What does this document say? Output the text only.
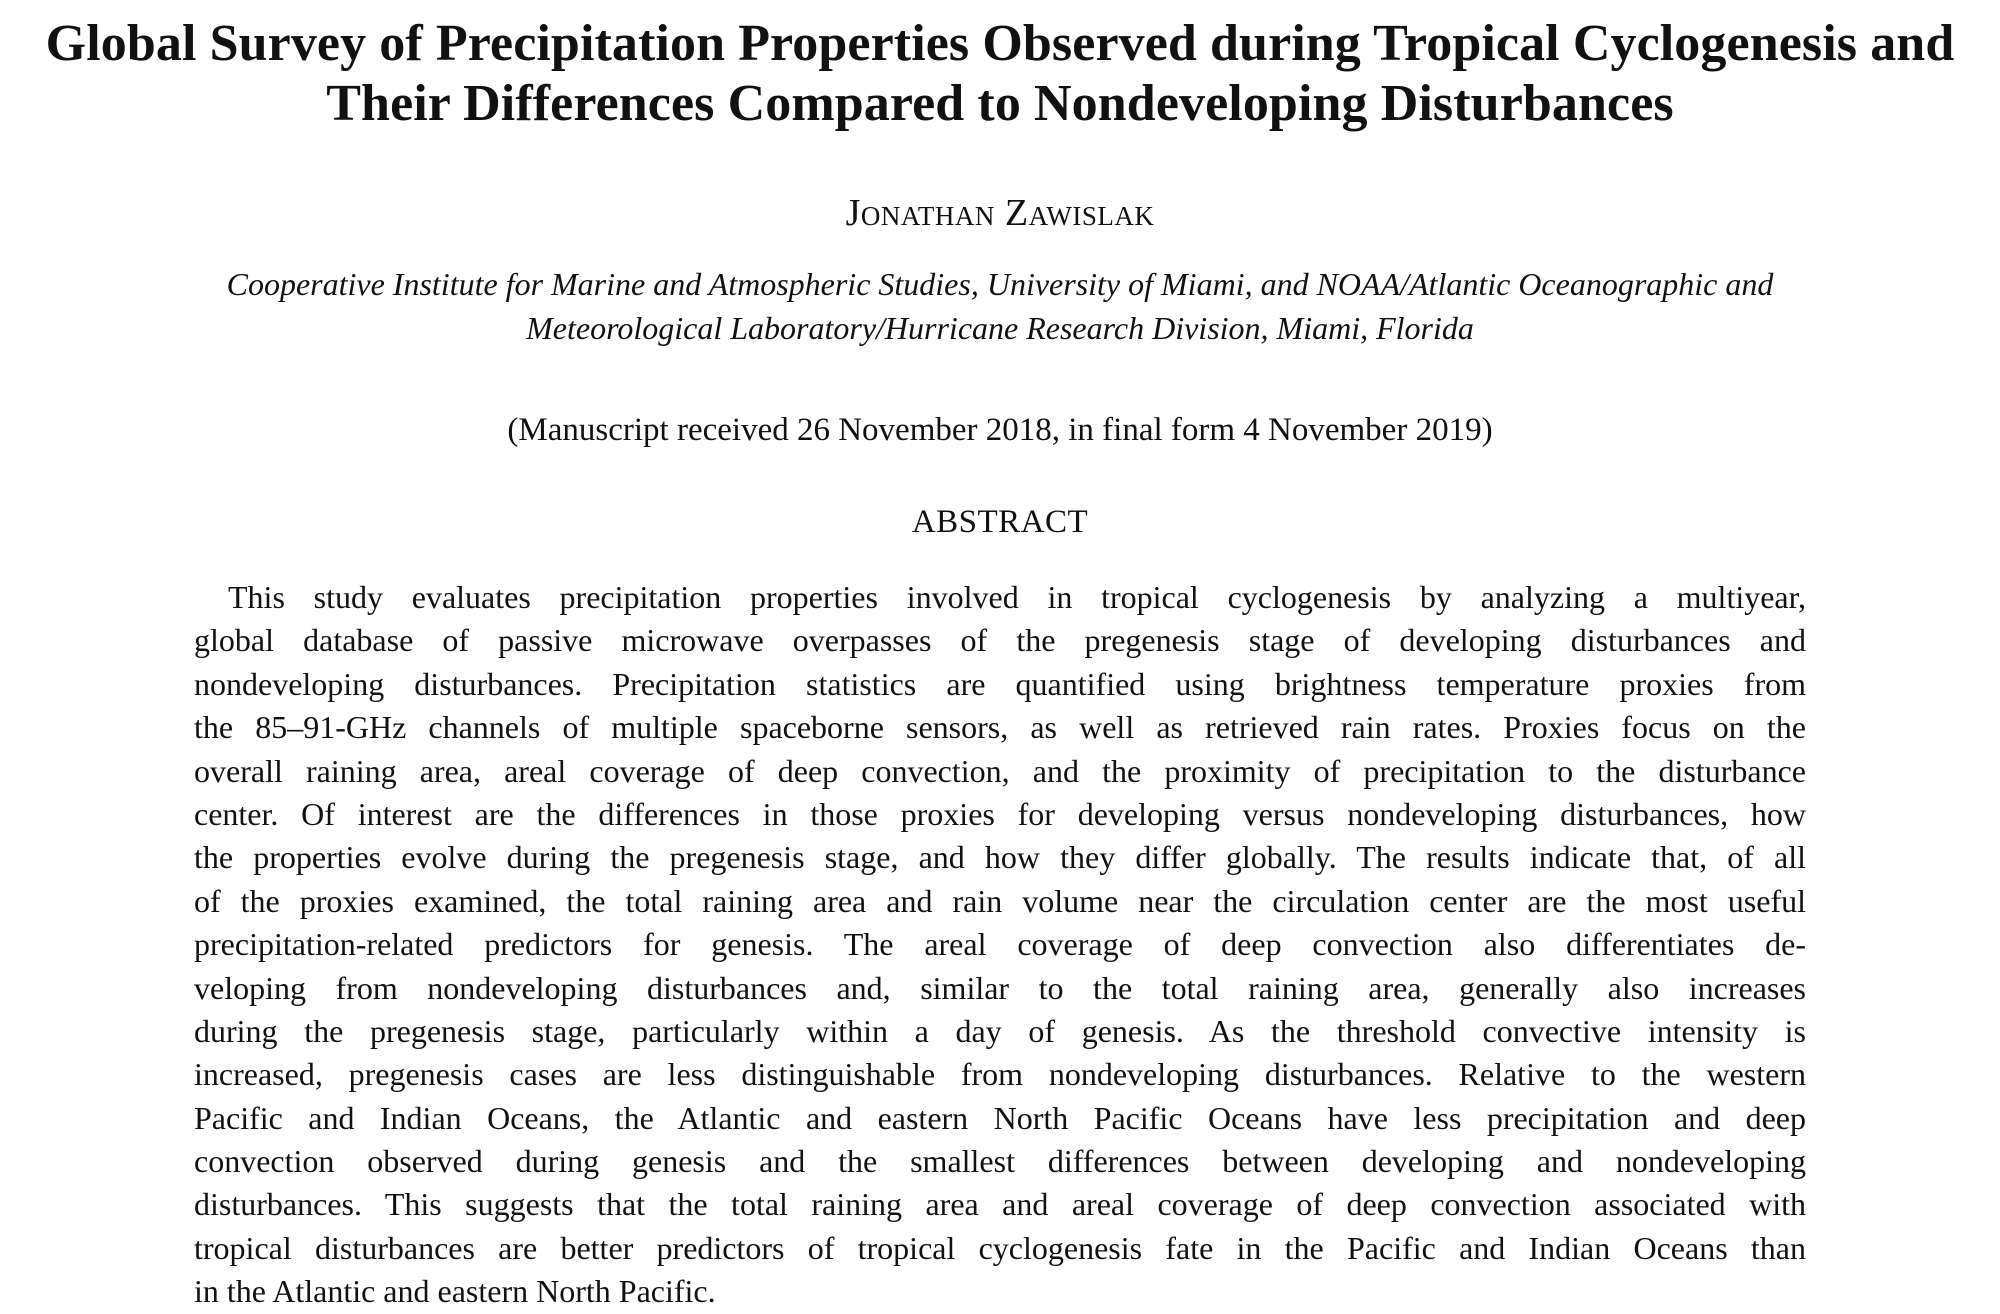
Global Survey of Precipitation Properties Observed during Tropical Cyclogenesis and
Their Differences Compared to Nondeveloping Disturbances
Jonathan Zawislak
Cooperative Institute for Marine and Atmospheric Studies, University of Miami, and NOAA/Atlantic Oceanographic and
Meteorological Laboratory/Hurricane Research Division, Miami, Florida
(Manuscript received 26 November 2018, in final form 4 November 2019)
ABSTRACT
This study evaluates precipitation properties involved in tropical cyclogenesis by analyzing a multiyear,
global database of passive microwave overpasses of the pregenesis stage of developing disturbances and
nondeveloping disturbances. Precipitation statistics are quantified using brightness temperature proxies from
the 85–91-GHz channels of multiple spaceborne sensors, as well as retrieved rain rates. Proxies focus on the
overall raining area, areal coverage of deep convection, and the proximity of precipitation to the disturbance
center. Of interest are the differences in those proxies for developing versus nondeveloping disturbances, how
the properties evolve during the pregenesis stage, and how they differ globally. The results indicate that, of all
of the proxies examined, the total raining area and rain volume near the circulation center are the most useful
precipitation-related predictors for genesis. The areal coverage of deep convection also differentiates de-
veloping from nondeveloping disturbances and, similar to the total raining area, generally also increases
during the pregenesis stage, particularly within a day of genesis. As the threshold convective intensity is
increased, pregenesis cases are less distinguishable from nondeveloping disturbances. Relative to the western
Pacific and Indian Oceans, the Atlantic and eastern North Pacific Oceans have less precipitation and deep
convection observed during genesis and the smallest differences between developing and nondeveloping
disturbances. This suggests that the total raining area and areal coverage of deep convection associated with
tropical disturbances are better predictors of tropical cyclogenesis fate in the Pacific and Indian Oceans than
in the Atlantic and eastern North Pacific.
